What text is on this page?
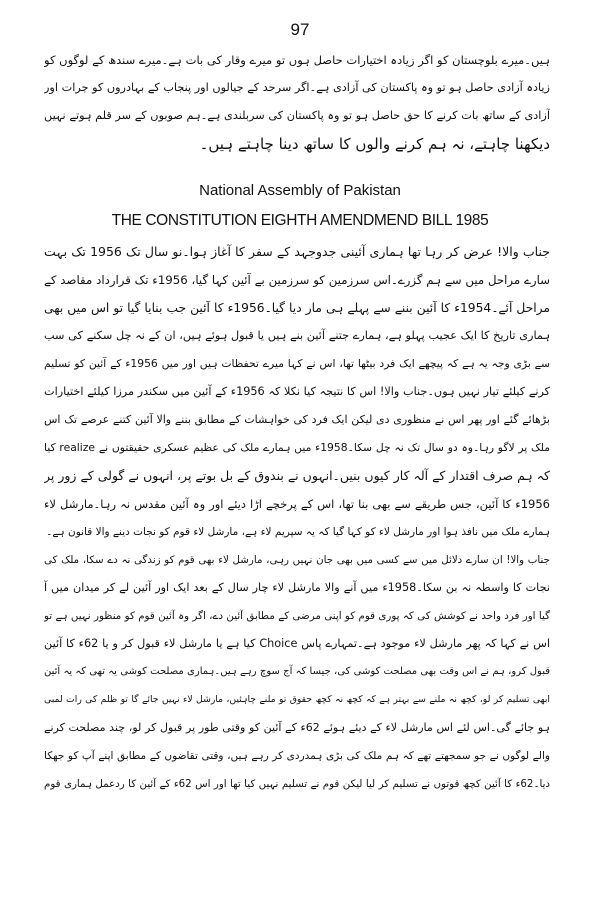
97
ہیں۔میرے بلوچستان کو اگر زیادہ اختیارات حاصل ہوں تو میرے وقار کی بات ہے۔میرے سندھ کے لوگوں کو
زیادہ آزادی حاصل ہو تو وہ پاکستان کی آزادی ہے۔اگر سرحد کے جیالوں اور پنجاب کے بہادروں کو جرات اور
آزادی کے ساتھ بات کرنے کا حق حاصل ہو تو وہ پاکستان کی سربلندی ہے۔ہم صوبوں کے سر قلم ہوتے نہیں
دیکھنا چاہتے، نہ ہم کرنے والوں کا ساتھ دینا چاہتے ہیں۔
National Assembly of Pakistan
THE CONSTITUTION EIGHTH AMENDMEND BILL 1985
جناب والا! عرض کر رہا تھا ہماری آئینی جدوجہد کے سفر کا آغاز ہوا۔نو سال تک 1956 تک بہت
سارے مراحل میں سے ہم گزرے۔اس سرزمین کو سرزمین بے آئین کہا گیا، 1956ء تک قرارداد مقاصد کے
مراحل آئے۔1954ء کا آئین بننے سے پہلے ہی مار دیا گیا۔1956ء کا آئین جب بنایا گیا تو اس میں بھی
ہماری تاریخ کا ایک عجیب پہلو ہے، ہمارے جتنے آئین بنے ہیں یا قبول ہوئے ہیں، ان کے نہ چل سکنے کی سب
سے بڑی وجہ یہ ہے کہ پیچھے ایک فرد بیٹھا تھا، اس نے کہا میرے تحفظات ہیں اور میں 1956ء کے آئین کو تسلیم
کرنے کیلئے تیار نہیں ہوں۔جناب والا! اس کا نتیجہ کیا نکلا کہ 1956ء کے آئین میں سکندر مرزا کیلئے اختیارات
بڑھائے گئے اور پھر اس نے منظوری دی لیکن ایک فرد کی خواہشات کے مطابق بننے والا آئین کتنے عرصے تک اس
ملک پر لاگو رہا۔وہ دو سال تک نہ چل سکا۔1958ء میں ہمارے ملک کی عظیم عسکری حقیقتوں نے realize کیا
کہ ہم صرف اقتدار کے آلہ کار کیوں بنیں۔انہوں نے بندوق کے بل بوتے پر، انہوں نے گولی کے زور پر
1956ء کا آئین، جس طریقے سے بھی بنا تھا، اس کے پرخچے اڑا دیئے اور وہ آئین مقدس نہ رہا۔مارشل لاء
ہمارے ملک میں نافذ ہوا اور مارشل لاء کو کہا گیا کہ یہ سپریم لاء ہے، مارشل لاء قوم کو نجات دینے والا قانون ہے۔
جناب والا! ان سارے دلائل میں سے کسی میں بھی جان نہیں رہی، مارشل لاء بھی قوم کو زندگی نہ دے سکا، ملک کی
نجات کا واسطہ نہ بن سکا۔1958ء میں آنے والا مارشل لاء چار سال کے بعد ایک اور آئین لے کر میدان میں آ
گیا اور فرد واحد نے کوشش کی کہ پوری قوم کو اپنی مرضی کے مطابق آئین دے، اگر وہ آئین قوم کو منظور نہیں ہے تو
اس نے کہا کہ پھر مارشل لاء موجود ہے۔تمہارے پاس Choice کیا ہے یا مارشل لاء قبول کر و یا 62ء کا آئین
قبول کرو، ہم نے اس وقت بھی مصلحت کوشی کی، جیسا کہ آج سوچ رہے ہیں۔ہماری مصلحت کوشی یہ تھی کہ یہ آئین
ابھی تسلیم کر لو، کچھ نہ ملنے سے بہتر ہے کہ کچھ نہ کچھ حقوق تو ملنے چاہئیں، مارشل لاء نہیں جائے گا تو ظلم کی رات لمبی
ہو جائے گی۔اس لئے اس مارشل لاء کے دیئے ہوئے 62ء کے آئین کو وقتی طور پر قبول کر لو، چند مصلحت کرنے
والے لوگوں نے جو سمجھتے تھے کہ ہم ملک کی بڑی ہمدردی کر رہے ہیں، وقتی تقاضوں کے مطابق اپنے آپ کو جھکا
دیا۔62ء کا آئین کچھ قوتوں نے تسلیم کر لیا لیکن قوم نے تسلیم نہیں کیا تھا اور اس 62ء کے آئین کا ردعمل ہماری قوم
